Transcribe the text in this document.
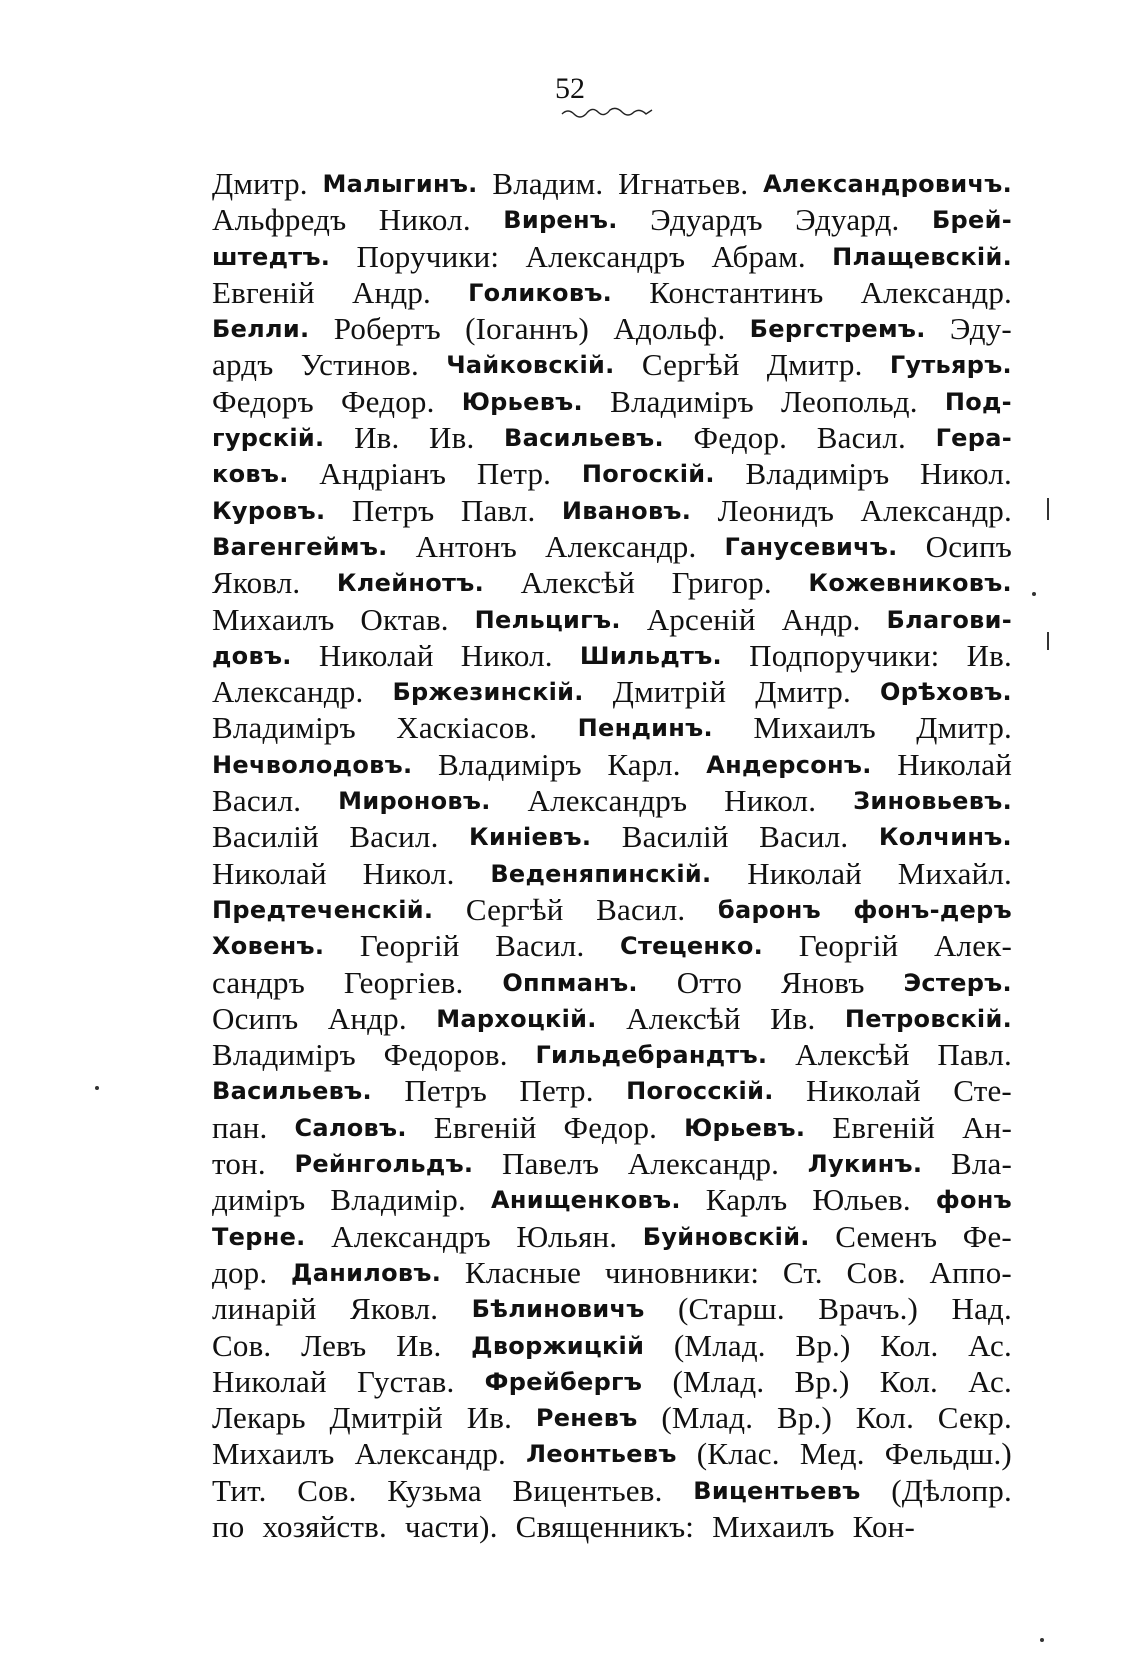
52
Дмитр. Малыгинъ. Владим. Игнатьев. Александровичъ.
Альфредъ Никол. Виренъ. Эдуардъ Эдуард. Брей-
штедтъ. Поручики: Александръ Абрам. Плащевскій.
Евгеній Андр. Голиковъ. Константинъ Александр.
Белли. Робертъ (Іоганнъ) Адольф. Бергстремъ. Эду-
ардъ Устинов. Чайковскій. Сергѣй Дмитр. Гутьяръ.
Федоръ Федор. Юрьевъ. Владиміръ Леопольд. Под-
гурскій. Ив. Ив. Васильевъ. Федор. Васил. Гера-
ковъ. Андріанъ Петр. Погоскій. Владиміръ Никол.
Куровъ. Петръ Павл. Ивановъ. Леонидъ Александр.
Вагенгеймъ. Антонъ Александр. Ганусевичъ. Осипъ
Яковл. Клейнотъ. Алексѣй Григор. Кожевниковъ.
Михаилъ Октав. Пельцигъ. Арсеній Андр. Благови-
довъ. Николай Никол. Шильдтъ. Подпоручики: Ив.
Александр. Бржезинскій. Дмитрій Дмитр. Орѣховъ.
Владиміръ Хаскіасов. Пендинъ. Михаилъ Дмитр.
Нечволодовъ. Владиміръ Карл. Андерсонъ. Николай
Васил. Мироновъ. Александръ Никол. Зиновьевъ.
Василій Васил. Киніевъ. Василій Васил. Колчинъ.
Николай Никол. Веденяпинскій. Николай Михайл.
Предтеченскій. Сергѣй Васил. баронъ фонъ-деръ
Ховенъ. Георгій Васил. Стеценко. Георгій Алек-
сандръ Георгіев. Оппманъ. Отто Яновъ Эстеръ.
Осипъ Андр. Мархоцкій. Алексѣй Ив. Петровскій.
Владиміръ Федоров. Гильдебрандтъ. Алексѣй Павл.
Васильевъ. Петръ Петр. Погосскій. Николай Сте-
пан. Саловъ. Евгеній Федор. Юрьевъ. Евгеній Ан-
тон. Рейнгольдъ. Павелъ Александр. Лукинъ. Вла-
диміръ Владимір. Анищенковъ. Карлъ Юльев. фонъ
Терне. Александръ Юльян. Буйновскій. Семенъ Фе-
дор. Даниловъ. Класные чиновники: Ст. Сов. Аппо-
линарій Яковл. Бѣлиновичъ (Старш. Врачъ.) Над.
Сов. Левъ Ив. Дворжицкій (Млад. Вр.) Кол. Ас.
Николай Густав. Фрейбергъ (Млад. Вр.) Кол. Ас.
Лекарь Дмитрій Ив. Реневъ (Млад. Вр.) Кол. Секр.
Михаилъ Александр. Леонтьевъ (Клас. Мед. Фельдш.)
Тит. Сов. Кузьма Вицентьев. Вицентьевъ (Дѣлопр.
по хозяйств. части). Священникъ: Михаилъ Кон-
